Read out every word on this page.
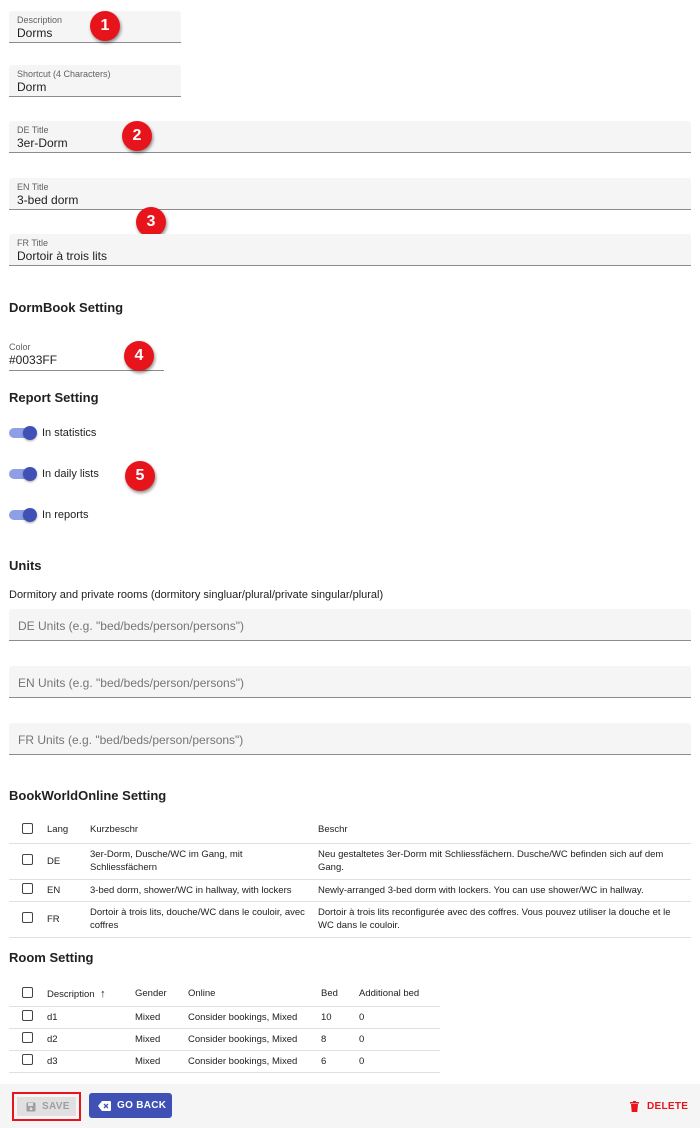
Description
Dorms	1
Shortcut (4 Characters)
Dorm
DE Title
3er-Dorm	2
EN Title
3-bed dorm
3
FR Title
Dortoir à trois lits
DormBook Setting
Color
#0033FF	4
Report Setting
In statistics
In daily lists	5
In reports
Units
Dormitory and private rooms (dormitory singluar/plural/private singular/plural)
DE Units (e.g. "bed/beds/person/persons")
EN Units (e.g. "bed/beds/person/persons")
FR Units (e.g. "bed/beds/person/persons")
BookWorldOnline Setting
	Lang	Kurzbeschr	Beschr
	DE	3er-Dorm, Dusche/WC im Gang, mit Schliessfächern	Neu gestaltetes 3er-Dorm mit Schliessfächern. Dusche/WC befinden sich auf dem Gang.
	EN	3-bed dorm, shower/WC in hallway, with lockers	Newly-arranged 3-bed dorm with lockers. You can use shower/WC in hallway.
	FR	Dortoir à trois lits, douche/WC dans le couloir, avec coffres	Dortoir à trois lits reconfigurée avec des coffres. Vous pouvez utiliser la douche et le WC dans le couloir.
Room Setting
	Description ↑	Gender	Online	Bed	Additional bed
	d1	Mixed	Consider bookings, Mixed	10	0
	d2	Mixed	Consider bookings, Mixed	8	0
	d3	Mixed	Consider bookings, Mixed	6	0
SAVE	GO BACK	DELETE
